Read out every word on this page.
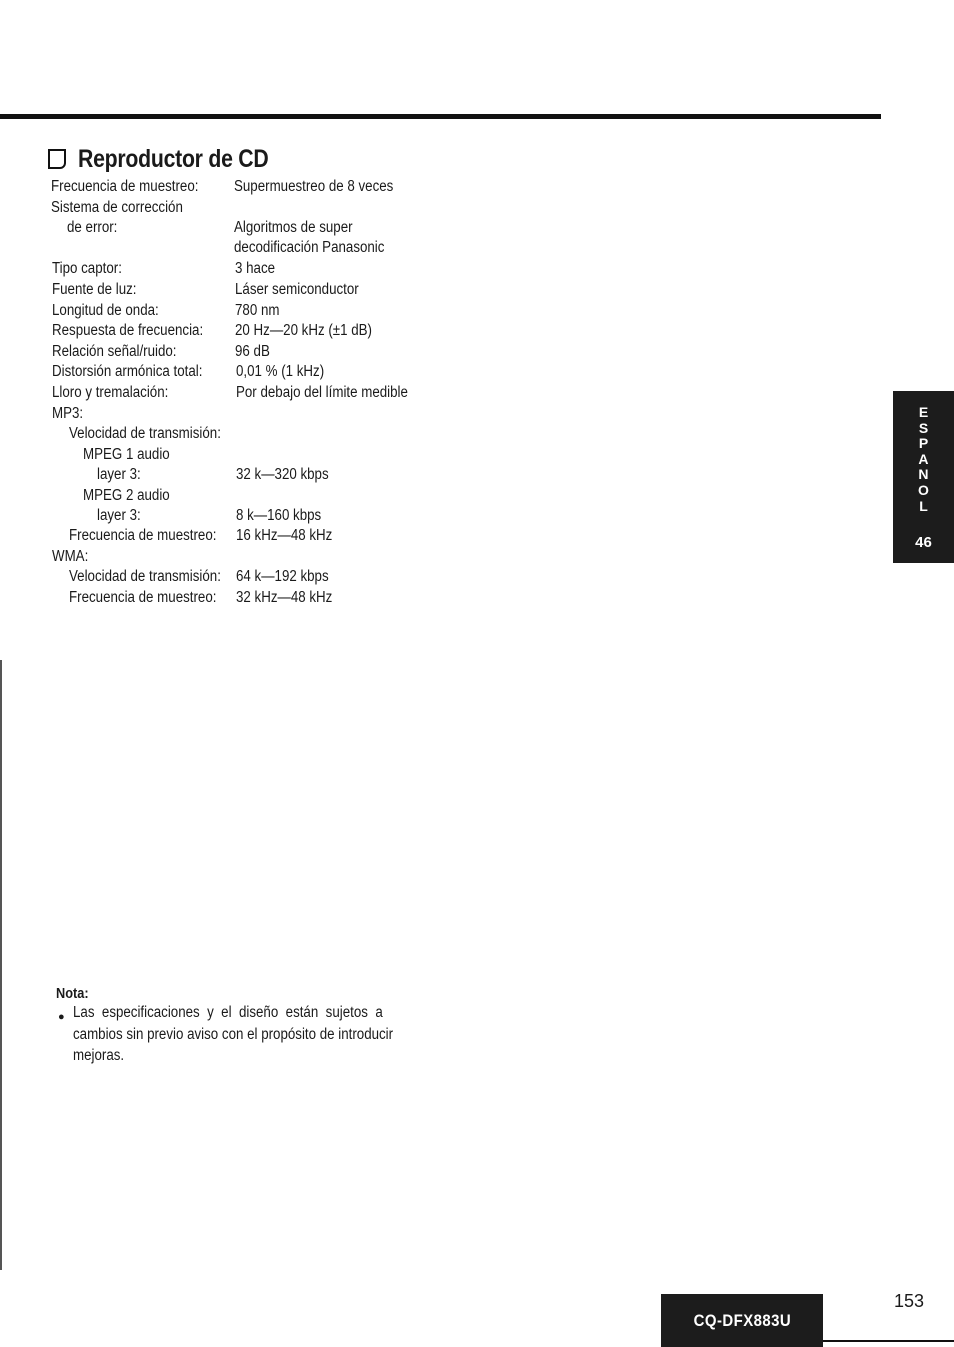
Reproductor de CD
Frecuencia de muestreo: Supermuestreo de 8 veces
Sistema de corrección
de error:	Algoritmos de super
decodificación Panasonic
Tipo captor:	3 hace
Fuente de luz:	Láser semiconductor
Longitud de onda:	780 nm
Respuesta de frecuencia: 20 Hz—20 kHz (±1 dB)
Relación señal/ruido:	96 dB
Distorsión armónica total: 0,01 % (1 kHz)
Lloro y tremalación:	Por debajo del límite medible
MP3:
Velocidad de transmisión:
MPEG 1 audio
layer 3:	32 k—320 kbps
MPEG 2 audio
layer 3:	8 k—160 kbps
Frecuencia de muestreo: 16 kHz—48 kHz
WMA:
Velocidad de transmisión: 64 k—192 kbps
Frecuencia de muestreo: 32 kHz—48 kHz
Nota:
● Las  especificaciones  y  el  diseño  están  sujetos  a
cambios sin previo aviso con el propósito de introducir
mejoras.
E
S
P
A
N
O
L
46
CQ-DFX883U
153
